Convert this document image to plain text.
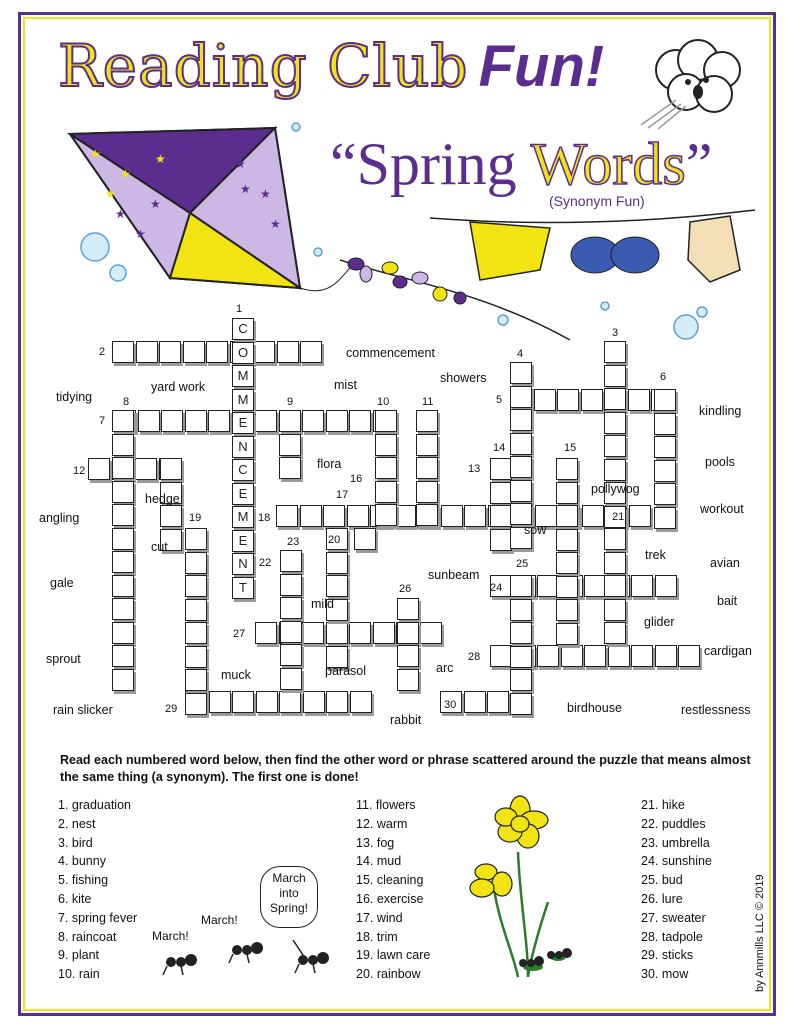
Reading Club Fun!
★
★
★
★
★
★
★
★
★
★
★ “Spring Words”
(Synonym Fun)
C
O
M
M
E
N
C
E
M
E
N
T
1
2
3
4
5
6
7
8	9	10	11
12	13
14	15
16
17
18
19
20
21
22
23
24
25
26
27
28
29	30
commencement
yard work	mist	showers
tidying
kindling
flora	pools
pollywog
hedge
angling
workout
sow
cut
trek
avian
gale
sunbeam
bait
mild
glider
sprout
cardigan
parasol	arc
muck
rain slicker
rabbit
birdhouse	restlessness
Read each numbered word below, then find the other word or phrase scattered around the puzzle that means almost the same thing (a synonym). The first one is done!
1. graduation
2. nest
3. bird
4. bunny
5. fishing
6. kite
7. spring fever
8. raincoat
9. plant
10. rain
11. flowers
12. warm
13. fog
14. mud
15. cleaning
16. exercise
17. wind
18. trim
19. lawn care
20. rainbow
21. hike
22. puddles
23. umbrella
24. sunshine
25. bud
26. lure
27. sweater
28. tadpole
29. sticks
30. mow
March!
March!
March
into
Spring!	by Annmills LLC © 2019
